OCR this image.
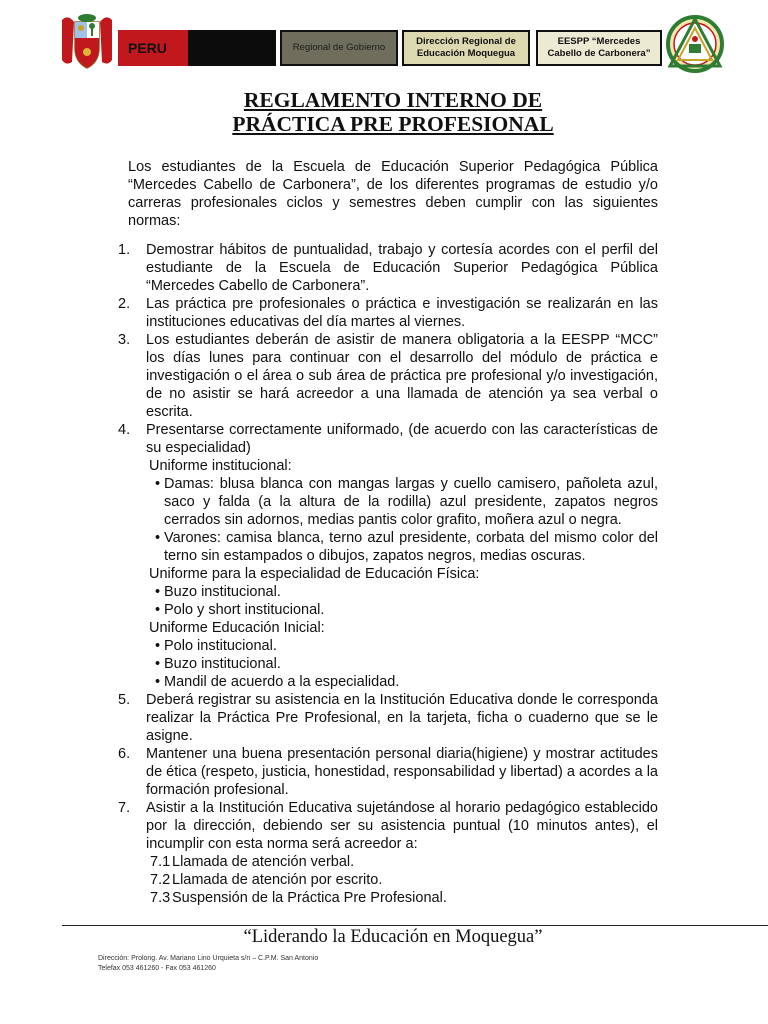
PERU	Regional de Gobierno
Dirección Regional de Educación Moquegua
EESPP “Mercedes Cabello de Carbonera”
REGLAMENTO INTERNO DE
PRÁCTICA PRE PROFESIONAL
Los estudiantes de la Escuela de Educación Superior Pedagógica Pública “Mercedes Cabello de Carbonera”, de los diferentes programas de estudio y/o carreras profesionales ciclos y semestres deben cumplir con las siguientes normas:
1. Demostrar hábitos de puntualidad, trabajo y cortesía acordes con el perfil del estudiante de la Escuela de Educación Superior Pedagógica Pública “Mercedes Cabello de Carbonera”.
2. Las práctica pre profesionales o práctica e investigación se realizarán en las instituciones educativas del día martes al viernes.
3. Los estudiantes deberán de asistir de manera obligatoria a la EESPP “MCC” los días lunes para continuar con el desarrollo del módulo de práctica e investigación o el área o sub área de práctica pre profesional y/o investigación, de no asistir se hará acreedor a una llamada de atención ya sea verbal o escrita.
4. Presentarse correctamente uniformado, (de acuerdo con las características de su especialidad)
Uniforme institucional:
• Damas: blusa blanca con mangas largas y cuello camisero, pañoleta azul, saco y falda (a la altura de la rodilla) azul presidente, zapatos negros cerrados sin adornos, medias pantis color grafito, moñera azul o negra.
• Varones: camisa blanca, terno azul presidente, corbata del mismo color del terno sin estampados o dibujos, zapatos negros, medias oscuras.
Uniforme para la especialidad de Educación Física:
• Buzo institucional.
• Polo y short institucional.
Uniforme Educación Inicial:
• Polo institucional.
• Buzo institucional.
• Mandil de acuerdo a la especialidad.
5. Deberá registrar su asistencia en la Institución Educativa donde le corresponda realizar la Práctica Pre Profesional, en la tarjeta, ficha o cuaderno que se le asigne.
6. Mantener una buena presentación personal diaria(higiene) y mostrar actitudes de ética (respeto, justicia, honestidad, responsabilidad y libertad) a acordes a la formación profesional.
7. Asistir a la Institución Educativa sujetándose al horario pedagógico establecido por la dirección, debiendo ser su asistencia puntual (10 minutos antes), el incumplir con esta norma será acreedor a:
7.1 Llamada de atención verbal.
7.2 Llamada de atención por escrito.
7.3 Suspensión de la Práctica Pre Profesional.
“Liderando la Educación en Moquegua”
Dirección: Prolong. Av. Mariano Lino Urquieta s/n – C.P.M. San Antonio
Telefax 053 461260 - Fax 053 461260
